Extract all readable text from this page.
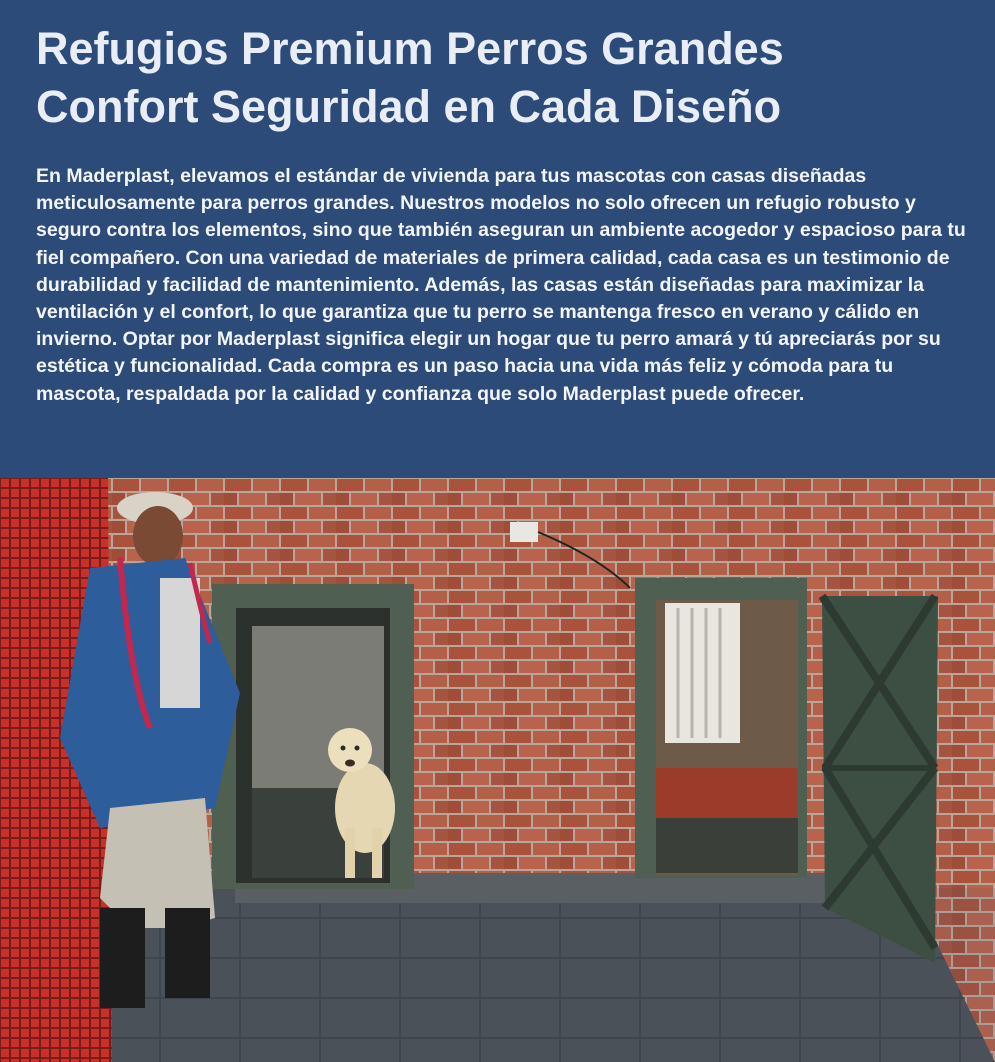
Refugios Premium Perros Grandes
Confort Seguridad en Cada Diseño
En Maderplast, elevamos el estándar de vivienda para tus mascotas con casas diseñadas meticulosamente para perros grandes. Nuestros modelos no solo ofrecen un refugio robusto y seguro contra los elementos, sino que también aseguran un ambiente acogedor y espacioso para tu fiel compañero. Con una variedad de materiales de primera calidad, cada casa es un testimonio de durabilidad y facilidad de mantenimiento. Además, las casas están diseñadas para maximizar la ventilación y el confort, lo que garantiza que tu perro se mantenga fresco en verano y cálido en invierno. Optar por Maderplast significa elegir un hogar que tu perro amará y tú apreciarás por su estética y funcionalidad. Cada compra es un paso hacia una vida más feliz y cómoda para tu mascota, respaldada por la calidad y confianza que solo Maderplast puede ofrecer.
